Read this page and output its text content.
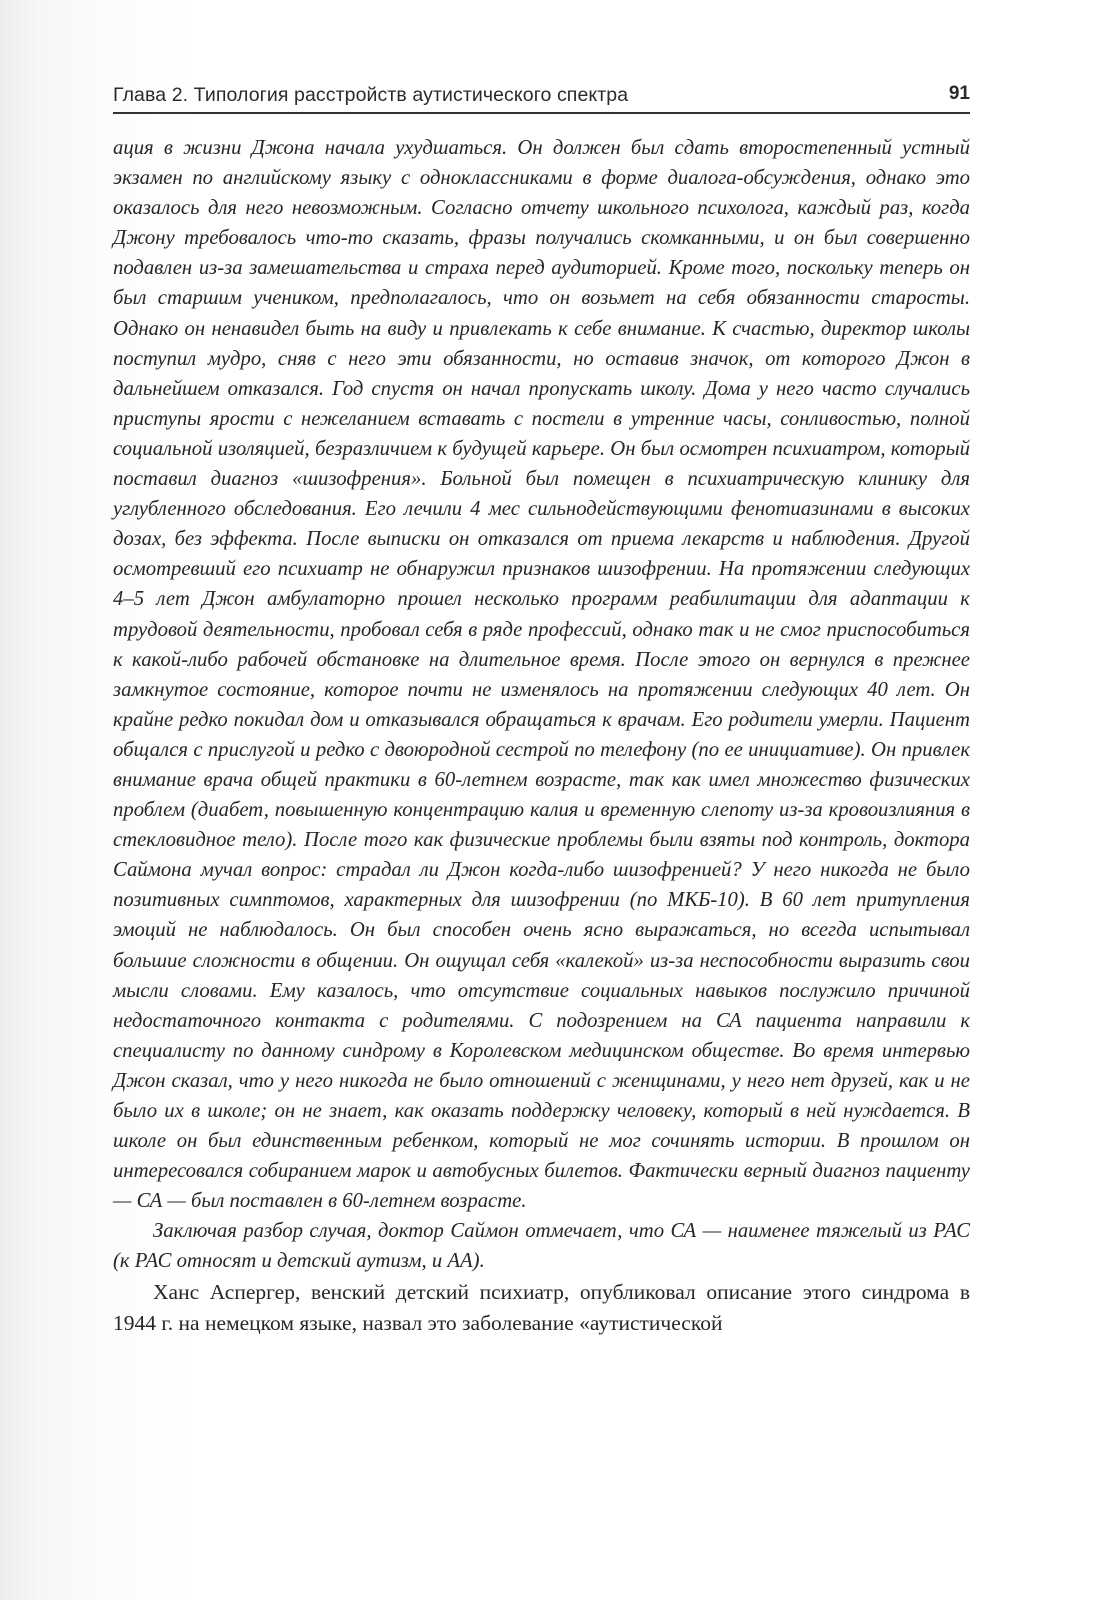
Глава 2. Типология расстройств аутистического спектра	91

ация в жизни Джона начала ухудшаться. Он должен был сдать второстепенный устный экзамен по английскому языку с одноклассниками в форме диалога-обсуждения, однако это оказалось для него невозможным. Согласно отчету школьного психолога, каждый раз, когда Джону требовалось что-то сказать, фразы получались скомканными, и он был совершенно подавлен из-за замешательства и страха перед аудиторией. Кроме того, поскольку теперь он был старшим учеником, предполагалось, что он возьмет на себя обязанности старосты. Однако он ненавидел быть на виду и привлекать к себе внимание. К счастью, директор школы поступил мудро, сняв с него эти обязанности, но оставив значок, от которого Джон в дальнейшем отказался. Год спустя он начал пропускать школу. Дома у него часто случались приступы ярости с нежеланием вставать с постели в утренние часы, сонливостью, полной социальной изоляцией, безразличием к будущей карьере. Он был осмотрен психиатром, который поставил диагноз «шизофрения». Больной был помещен в психиатрическую клинику для углубленного обследования. Его лечили 4 мес сильнодействующими фенотиазинами в высоких дозах, без эффекта. После выписки он отказался от приема лекарств и наблюдения. Другой осмотревший его психиатр не обнаружил признаков шизофрении. На протяжении следующих 4–5 лет Джон амбулаторно прошел несколько программ реабилитации для адаптации к трудовой деятельности, пробовал себя в ряде профессий, однако так и не смог приспособиться к какой-либо рабочей обстановке на длительное время. После этого он вернулся в прежнее замкнутое состояние, которое почти не изменялось на протяжении следующих 40 лет. Он крайне редко покидал дом и отказывался обращаться к врачам. Его родители умерли. Пациент общался с прислугой и редко с двоюродной сестрой по телефону (по ее инициативе). Он привлек внимание врача общей практики в 60-летнем возрасте, так как имел множество физических проблем (диабет, повышенную концентрацию калия и временную слепоту из-за кровоизлияния в стекловидное тело). После того как физические проблемы были взяты под контроль, доктора Саймона мучал вопрос: страдал ли Джон когда-либо шизофренией? У него никогда не было позитивных симптомов, характерных для шизофрении (по МКБ-10). В 60 лет притупления эмоций не наблюдалось. Он был способен очень ясно выражаться, но всегда испытывал большие сложности в общении. Он ощущал себя «калекой» из-за неспособности выразить свои мысли словами. Ему казалось, что отсутствие социальных навыков послужило причиной недостаточного контакта с родителями. С подозрением на СА пациента направили к специалисту по данному синдрому в Королевском медицинском обществе. Во время интервью Джон сказал, что у него никогда не было отношений с женщинами, у него нет друзей, как и не было их в школе; он не знает, как оказать поддержку человеку, который в ней нуждается. В школе он был единственным ребенком, который не мог сочинять истории. В прошлом он интересовался собиранием марок и автобусных билетов. Фактически верный диагноз пациенту — СА — был поставлен в 60-летнем возрасте.

Заключая разбор случая, доктор Саймон отмечает, что СА — наименее тяжелый из РАС (к РАС относят и детский аутизм, и АА).

Ханс Аспергер, венский детский психиатр, опубликовал описание этого синдрома в 1944 г. на немецком языке, назвал это заболевание «аутистической
